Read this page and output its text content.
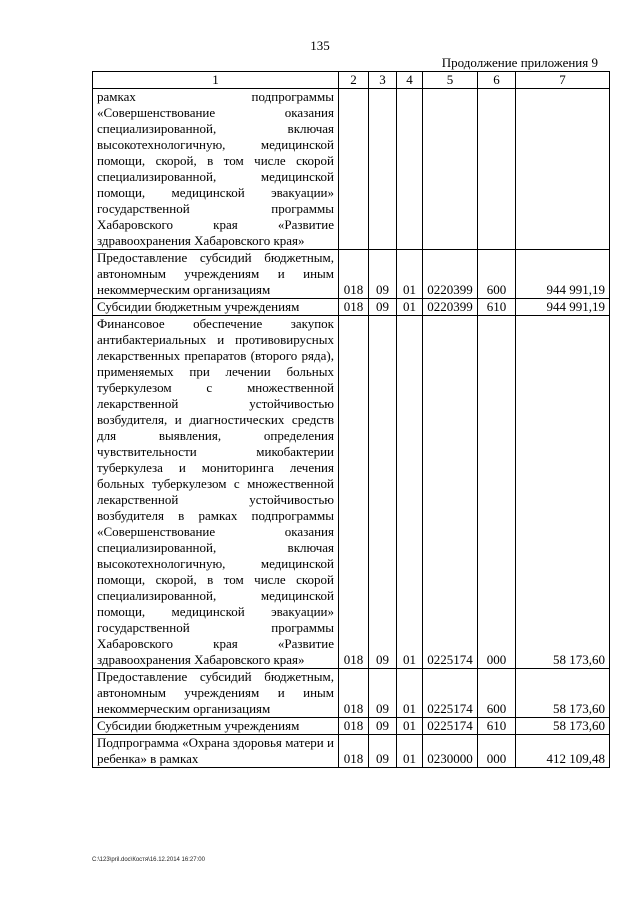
135
Продолжение приложения 9
1	2	3	4	5	6	7
рамках подпрограммы «Совершенствование оказания специализированной, включая высокотехнологичную, медицинской помощи, скорой, в том числе скорой специализированной, медицинской помощи, медицинской эвакуации» государственной программы Хабаровского края «Развитие здравоохранения Хабаровского края»						
Предоставление субсидий бюджетным, автономным учреждениям и иным некоммерческим организациям	018	09	01	0220399	600	944 991,19
Субсидии бюджетным учреждениям	018	09	01	0220399	610	944 991,19
Финансовое обеспечение закупок антибактериальных и противовирусных лекарственных препаратов (второго ряда), применяемых при лечении больных туберкулезом с множественной лекарственной устойчивостью возбудителя, и диагностических средств для выявления, определения чувствительности микобактерии туберкулеза и мониторинга лечения больных туберкулезом с множественной лекарственной устойчивостью возбудителя в рамках подпрограммы «Совершенствование оказания специализированной, включая высокотехнологичную, медицинской помощи, скорой, в том числе скорой специализированной, медицинской помощи, медицинской эвакуации» государственной программы Хабаровского края «Развитие здравоохранения Хабаровского края»	018	09	01	0225174	000	58 173,60
Предоставление субсидий бюджетным, автономным учреждениям и иным некоммерческим организациям	018	09	01	0225174	600	58 173,60
Субсидии бюджетным учреждениям	018	09	01	0225174	610	58 173,60
Подпрограмма «Охрана здоровья матери и ребенка» в рамках	018	09	01	0230000	000	412 109,48
C:\123\pril.doc\Костя\16.12.2014 16:27:00
